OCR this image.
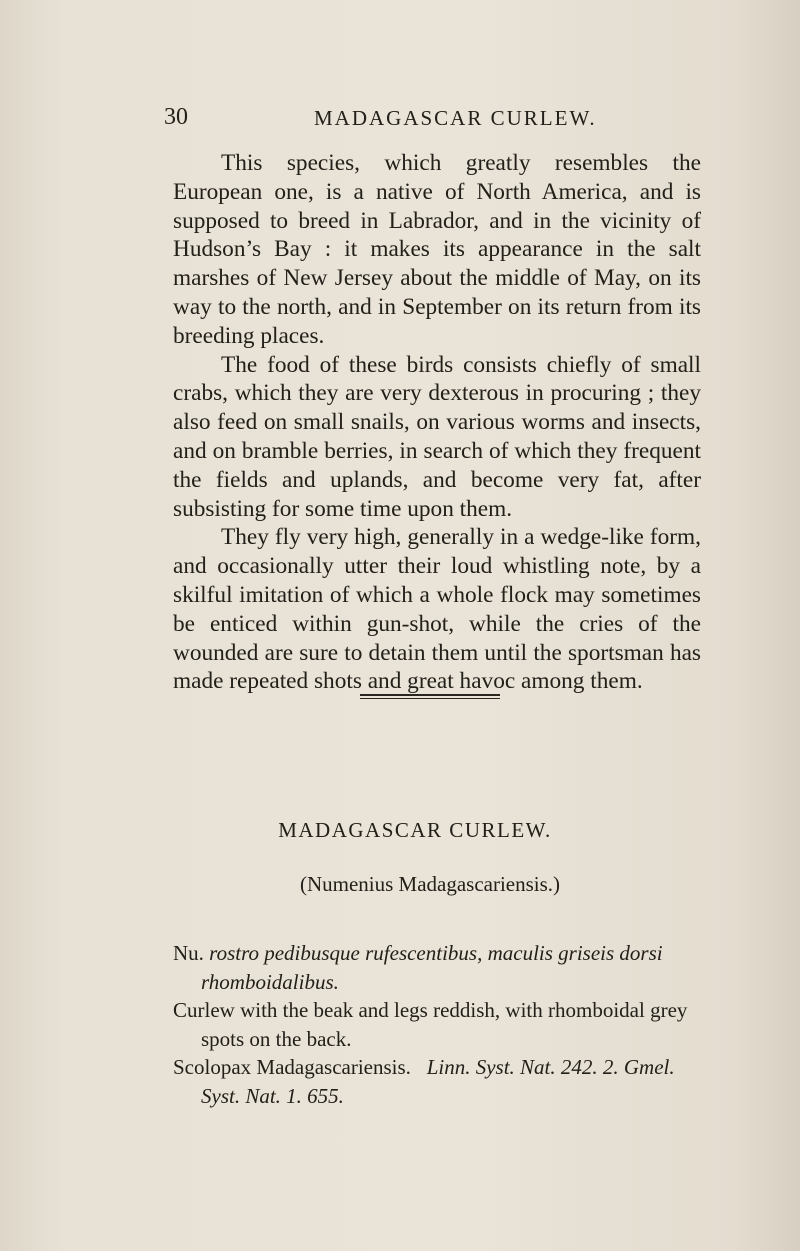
30	MADAGASCAR CURLEW.

This species, which greatly resembles the European one, is a native of North America, and is supposed to breed in Labrador, and in the vicinity of Hudson’s Bay : it makes its appearance in the salt marshes of New Jersey about the middle of May, on its way to the north, and in September on its return from its breeding places.

The food of these birds consists chiefly of small crabs, which they are very dexterous in procuring ; they also feed on small snails, on various worms and insects, and on bramble berries, in search of which they frequent the fields and uplands, and become very fat, after subsisting for some time upon them.

They fly very high, generally in a wedge-like form, and occasionally utter their loud whistling note, by a skilful imitation of which a whole flock may sometimes be enticed within gun-shot, while the cries of the wounded are sure to detain them until the sportsman has made repeated shots and great havoc among them.

MADAGASCAR CURLEW.
(Numenius Madagascariensis.)

Nu. rostro pedibusque rufescentibus, maculis griseis dorsi rhomboidalibus.

Curlew with the beak and legs reddish, with rhomboidal grey spots on the back.

Scolopax Madagascariensis. Linn. Syst. Nat. 242. 2. Gmel. Syst. Nat. 1. 655.
